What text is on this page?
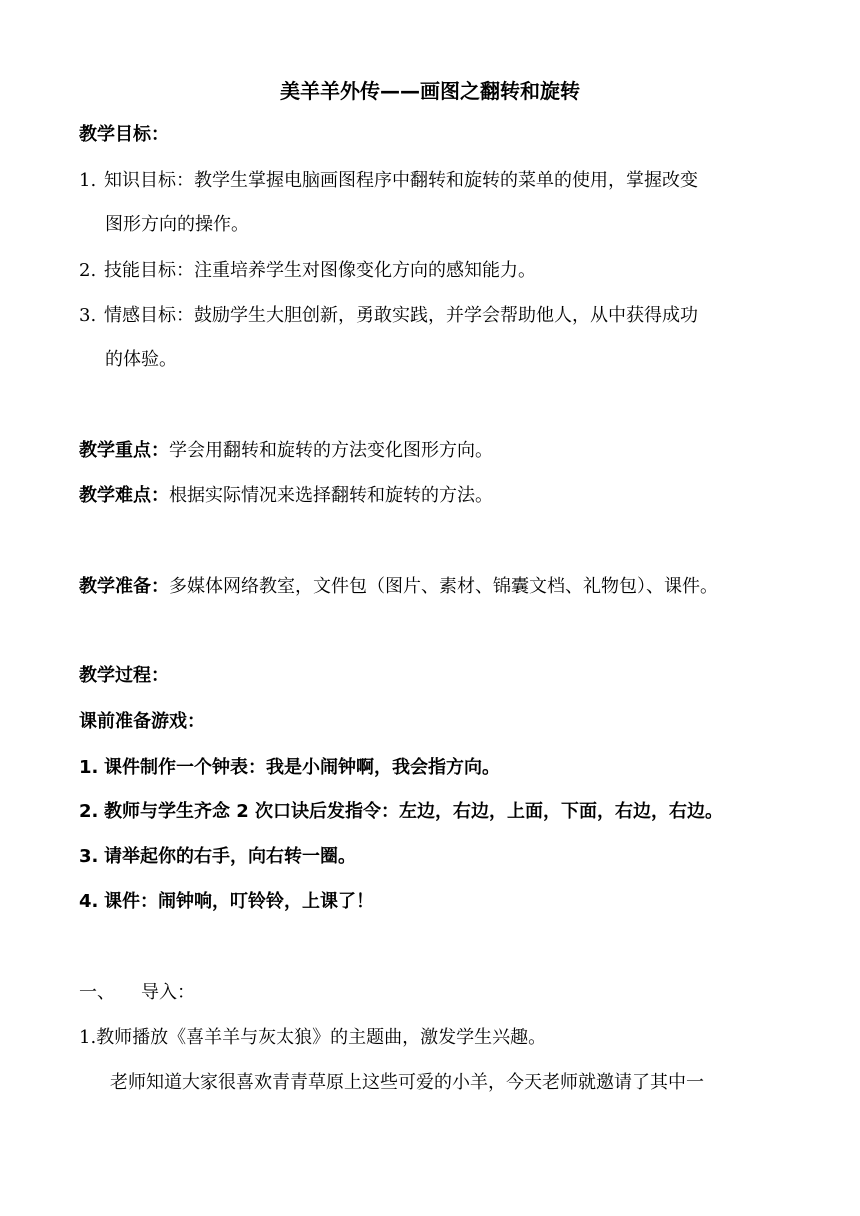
美羊羊外传——画图之翻转和旋转
教学目标：
1. 知识目标：教学生掌握电脑画图程序中翻转和旋转的菜单的使用，掌握改变
图形方向的操作。
2. 技能目标：注重培养学生对图像变化方向的感知能力。
3. 情感目标：鼓励学生大胆创新，勇敢实践，并学会帮助他人，从中获得成功
的体验。
教学重点：学会用翻转和旋转的方法变化图形方向。
教学难点：根据实际情况来选择翻转和旋转的方法。
教学准备：多媒体网络教室，文件包（图片、素材、锦囊文档、礼物包）、课件。
教学过程：
课前准备游戏：
1. 课件制作一个钟表：我是小闹钟啊，我会指方向。
2. 教师与学生齐念 2 次口诀后发指令：左边，右边，上面，下面，右边，右边。
3. 请举起你的右手，向右转一圈。
4. 课件：闹钟响，叮铃铃，上课了！
一、 导入：
1.教师播放《喜羊羊与灰太狼》的主题曲，激发学生兴趣。
老师知道大家很喜欢青青草原上这些可爱的小羊，今天老师就邀请了其中一
